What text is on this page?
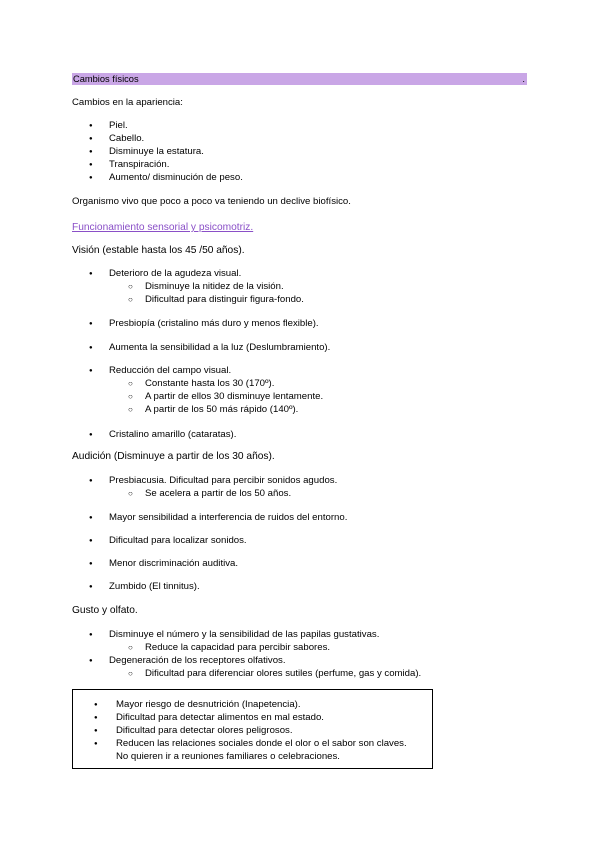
Cambios físicos	.
Cambios en la apariencia:
Piel.
Cabello.
Disminuye la estatura.
Transpiración.
Aumento/ disminución de peso.
Organismo vivo que poco a poco va teniendo un declive biofísico.
Funcionamiento sensorial y psicomotriz.
Visión (estable hasta los 45 /50 años).
Deterioro de la agudeza visual.
Disminuye la nitidez de la visión.
Dificultad para distinguir figura-fondo.
Presbiopía (cristalino más duro y menos flexible).
Aumenta la sensibilidad a la luz (Deslumbramiento).
Reducción del campo visual.
Constante hasta los 30 (170º).
A partir de ellos 30 disminuye lentamente.
A partir de los 50 más rápido (140º).
Cristalino amarillo (cataratas).
Audición (Disminuye a partir de los 30 años).
Presbiacusia. Dificultad para percibir sonidos agudos.
Se acelera a partir de los 50 años.
Mayor sensibilidad a interferencia de ruidos del entorno.
Dificultad para localizar sonidos.
Menor discriminación auditiva.
Zumbido (El tinnitus).
Gusto y olfato.
Disminuye el número y la sensibilidad de las papilas gustativas.
Reduce la capacidad para percibir sabores.
Degeneración de los receptores olfativos.
Dificultad para diferenciar olores sutiles (perfume, gas y comida).
Mayor riesgo de desnutrición (Inapetencia).
Dificultad para detectar alimentos en mal estado.
Dificultad para detectar olores peligrosos.
Reducen las relaciones sociales donde el olor o el sabor son claves.
No quieren ir a reuniones familiares o celebraciones.
